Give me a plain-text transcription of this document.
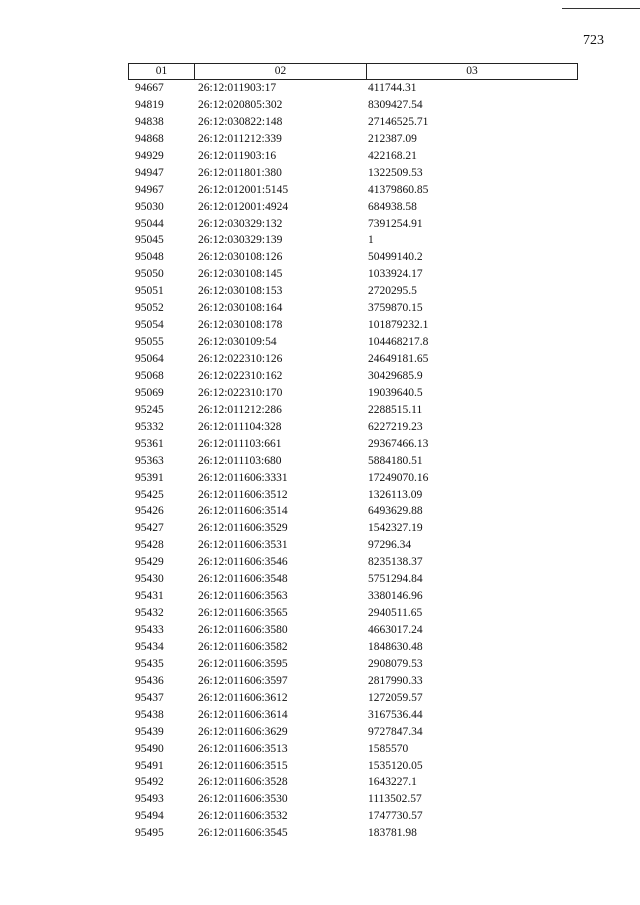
723
01	02	03
94667	26:12:011903:17	411744.31
94819	26:12:020805:302	8309427.54
94838	26:12:030822:148	27146525.71
94868	26:12:011212:339	212387.09
94929	26:12:011903:16	422168.21
94947	26:12:011801:380	1322509.53
94967	26:12:012001:5145	41379860.85
95030	26:12:012001:4924	684938.58
95044	26:12:030329:132	7391254.91
95045	26:12:030329:139	1
95048	26:12:030108:126	50499140.2
95050	26:12:030108:145	1033924.17
95051	26:12:030108:153	2720295.5
95052	26:12:030108:164	3759870.15
95054	26:12:030108:178	101879232.1
95055	26:12:030109:54	104468217.8
95064	26:12:022310:126	24649181.65
95068	26:12:022310:162	30429685.9
95069	26:12:022310:170	19039640.5
95245	26:12:011212:286	2288515.11
95332	26:12:011104:328	6227219.23
95361	26:12:011103:661	29367466.13
95363	26:12:011103:680	5884180.51
95391	26:12:011606:3331	17249070.16
95425	26:12:011606:3512	1326113.09
95426	26:12:011606:3514	6493629.88
95427	26:12:011606:3529	1542327.19
95428	26:12:011606:3531	97296.34
95429	26:12:011606:3546	8235138.37
95430	26:12:011606:3548	5751294.84
95431	26:12:011606:3563	3380146.96
95432	26:12:011606:3565	2940511.65
95433	26:12:011606:3580	4663017.24
95434	26:12:011606:3582	1848630.48
95435	26:12:011606:3595	2908079.53
95436	26:12:011606:3597	2817990.33
95437	26:12:011606:3612	1272059.57
95438	26:12:011606:3614	3167536.44
95439	26:12:011606:3629	9727847.34
95490	26:12:011606:3513	1585570
95491	26:12:011606:3515	1535120.05
95492	26:12:011606:3528	1643227.1
95493	26:12:011606:3530	1113502.57
95494	26:12:011606:3532	1747730.57
95495	26:12:011606:3545	183781.98
